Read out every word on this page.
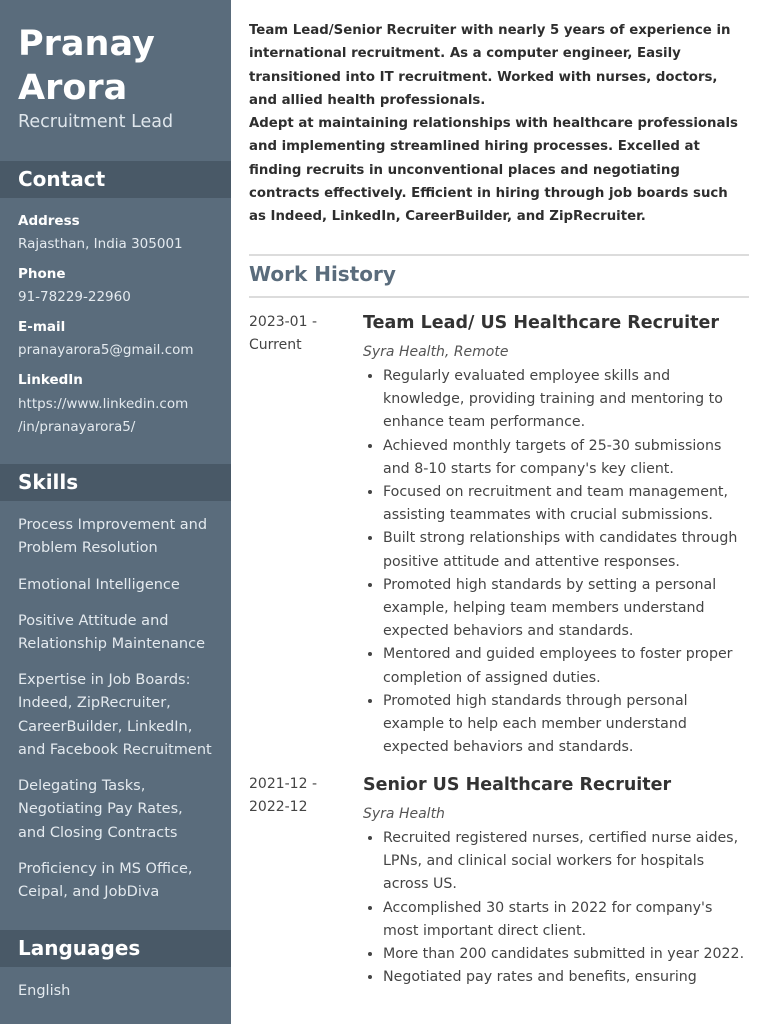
Pranay Arora
Recruitment Lead
Contact
Address
Rajasthan, India 305001
Phone
91-78229-22960
E-mail
pranayarora5@gmail.com
LinkedIn
https://www.linkedin.com /in/pranayarora5/
Skills
Process Improvement and Problem Resolution
Emotional Intelligence
Positive Attitude and Relationship Maintenance
Expertise in Job Boards: Indeed, ZipRecruiter, CareerBuilder, LinkedIn, and Facebook Recruitment
Delegating Tasks, Negotiating Pay Rates, and Closing Contracts
Proficiency in MS Office, Ceipal, and JobDiva
Languages
English

Team Lead/Senior Recruiter with nearly 5 years of experience in international recruitment. As a computer engineer, Easily transitioned into IT recruitment. Worked with nurses, doctors, and allied health professionals.

Adept at maintaining relationships with healthcare professionals and implementing streamlined hiring processes. Excelled at finding recruits in unconventional places and negotiating contracts effectively. Efficient in hiring through job boards such as Indeed, LinkedIn, CareerBuilder, and ZipRecruiter.

Work History
2023-01 -
Current
Team Lead/ US Healthcare Recruiter
Syra Health, Remote
• Regularly evaluated employee skills and knowledge, providing training and mentoring to enhance team performance.
• Achieved monthly targets of 25-30 submissions and 8-10 starts for company's key client.
• Focused on recruitment and team management, assisting teammates with crucial submissions.
• Built strong relationships with candidates through positive attitude and attentive responses.
• Promoted high standards by setting a personal example, helping team members understand expected behaviors and standards.
• Mentored and guided employees to foster proper completion of assigned duties.
• Promoted high standards through personal example to help each member understand expected behaviors and standards.
2021-12 -
2022-12
Senior US Healthcare Recruiter
Syra Health
• Recruited registered nurses, certified nurse aides, LPNs, and clinical social workers for hospitals across US.
• Accomplished 30 starts in 2022 for company's most important direct client.
• More than 200 candidates submitted in year 2022.
• Negotiated pay rates and benefits, ensuring
